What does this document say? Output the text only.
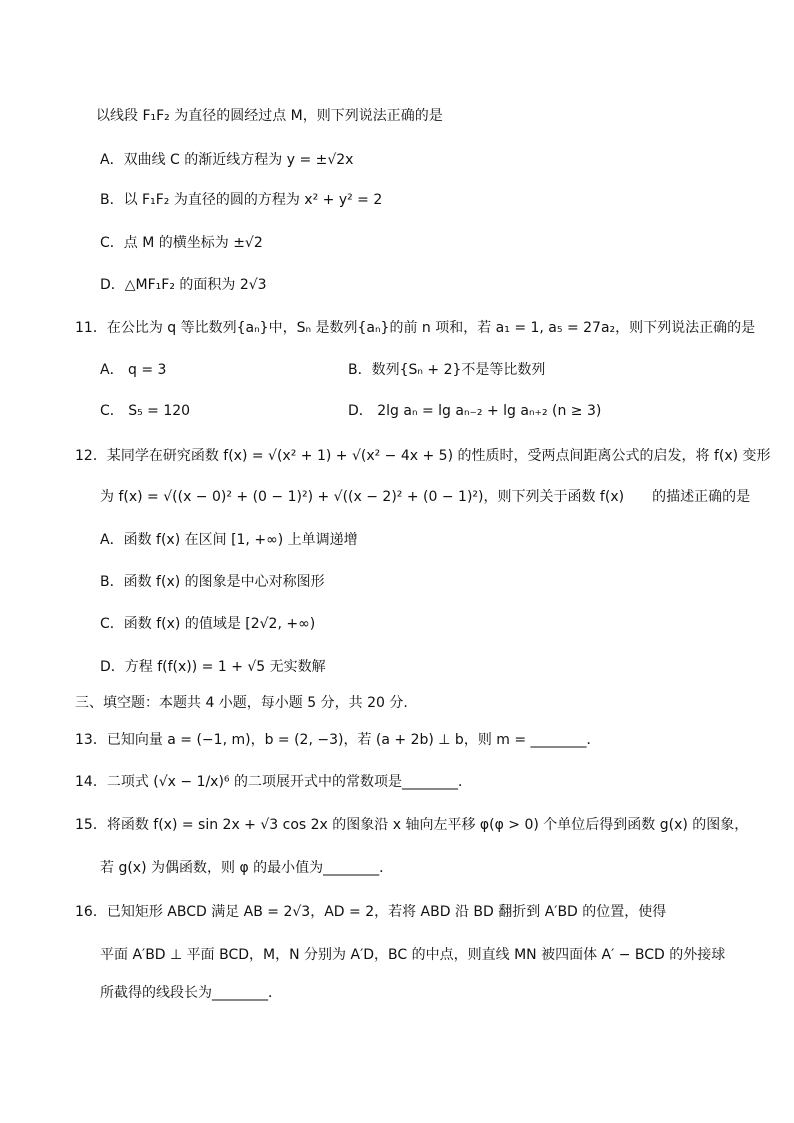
以线段 F₁F₂ 为直径的圆经过点 M，则下列说法正确的是
A．双曲线 C 的渐近线方程为 y = ±√2x
B．以 F₁F₂ 为直径的圆的方程为 x² + y² = 2
C．点 M 的横坐标为 ±√2
D．△MF₁F₂ 的面积为 2√3
11．在公比为 q 等比数列{aₙ}中，Sₙ 是数列{aₙ}的前 n 项和，若 a₁ = 1, a₅ = 27a₂，则下列说法正确的是
A． q = 3	B．数列{Sₙ + 2}不是等比数列
C． S₅ = 120	D． 2lg aₙ = lg aₙ₋₂ + lg aₙ₊₂ (n ≥ 3)
12．某同学在研究函数 f(x) = √(x² + 1) + √(x² − 4x + 5) 的性质时，受两点间距离公式的启发，将 f(x) 变形
为 f(x) = √((x − 0)² + (0 − 1)²) + √((x − 2)² + (0 − 1)²)，则下列关于函数 f(x)　　的描述正确的是
A．函数 f(x) 在区间 [1, +∞) 上单调递增
B．函数 f(x) 的图象是中心对称图形
C．函数 f(x) 的值域是 [2√2, +∞)
D．方程 f(f(x)) = 1 + √5 无实数解
三、填空题：本题共 4 小题，每小题 5 分，共 20 分.
13．已知向量 a = (−1, m)，b = (2, −3)，若 (a + 2b) ⊥ b，则 m = ________．
14．二项式 (√x − 1/x)⁶ 的二项展开式中的常数项是________．
15．将函数 f(x) = sin 2x + √3 cos 2x 的图象沿 x 轴向左平移 φ(φ > 0) 个单位后得到函数 g(x) 的图象，
若 g(x) 为偶函数，则 φ 的最小值为________．
16．已知矩形 ABCD 满足 AB = 2√3，AD = 2，若将 ABD 沿 BD 翻折到 A′BD 的位置，使得
平面 A′BD ⊥ 平面 BCD，M，N 分别为 A′D，BC 的中点，则直线 MN 被四面体 A′ − BCD 的外接球
所截得的线段长为________．
